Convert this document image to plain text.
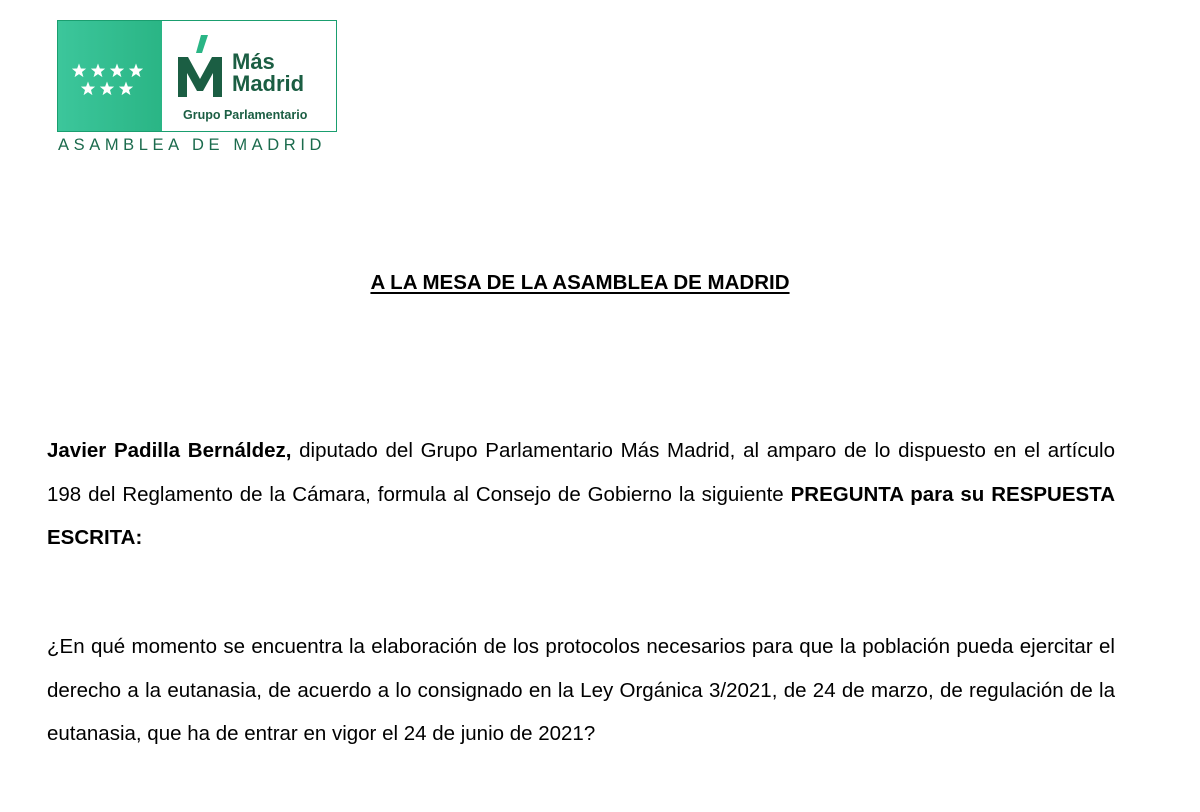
Más
Madrid
Grupo Parlamentario
ASAMBLEA DE MADRID
A LA MESA DE LA ASAMBLEA DE MADRID
Javier Padilla Bernáldez, diputado del Grupo Parlamentario Más Madrid, al amparo de lo dispuesto en el artículo 198 del Reglamento de la Cámara, formula al Consejo de Gobierno la siguiente PREGUNTA para su RESPUESTA ESCRITA:
¿En qué momento se encuentra la elaboración de los protocolos necesarios para que la población pueda ejercitar el derecho a la eutanasia, de acuerdo a lo consignado en la Ley Orgánica 3/2021, de 24 de marzo, de regulación de la eutanasia, que ha de entrar en vigor el 24 de junio de 2021?
